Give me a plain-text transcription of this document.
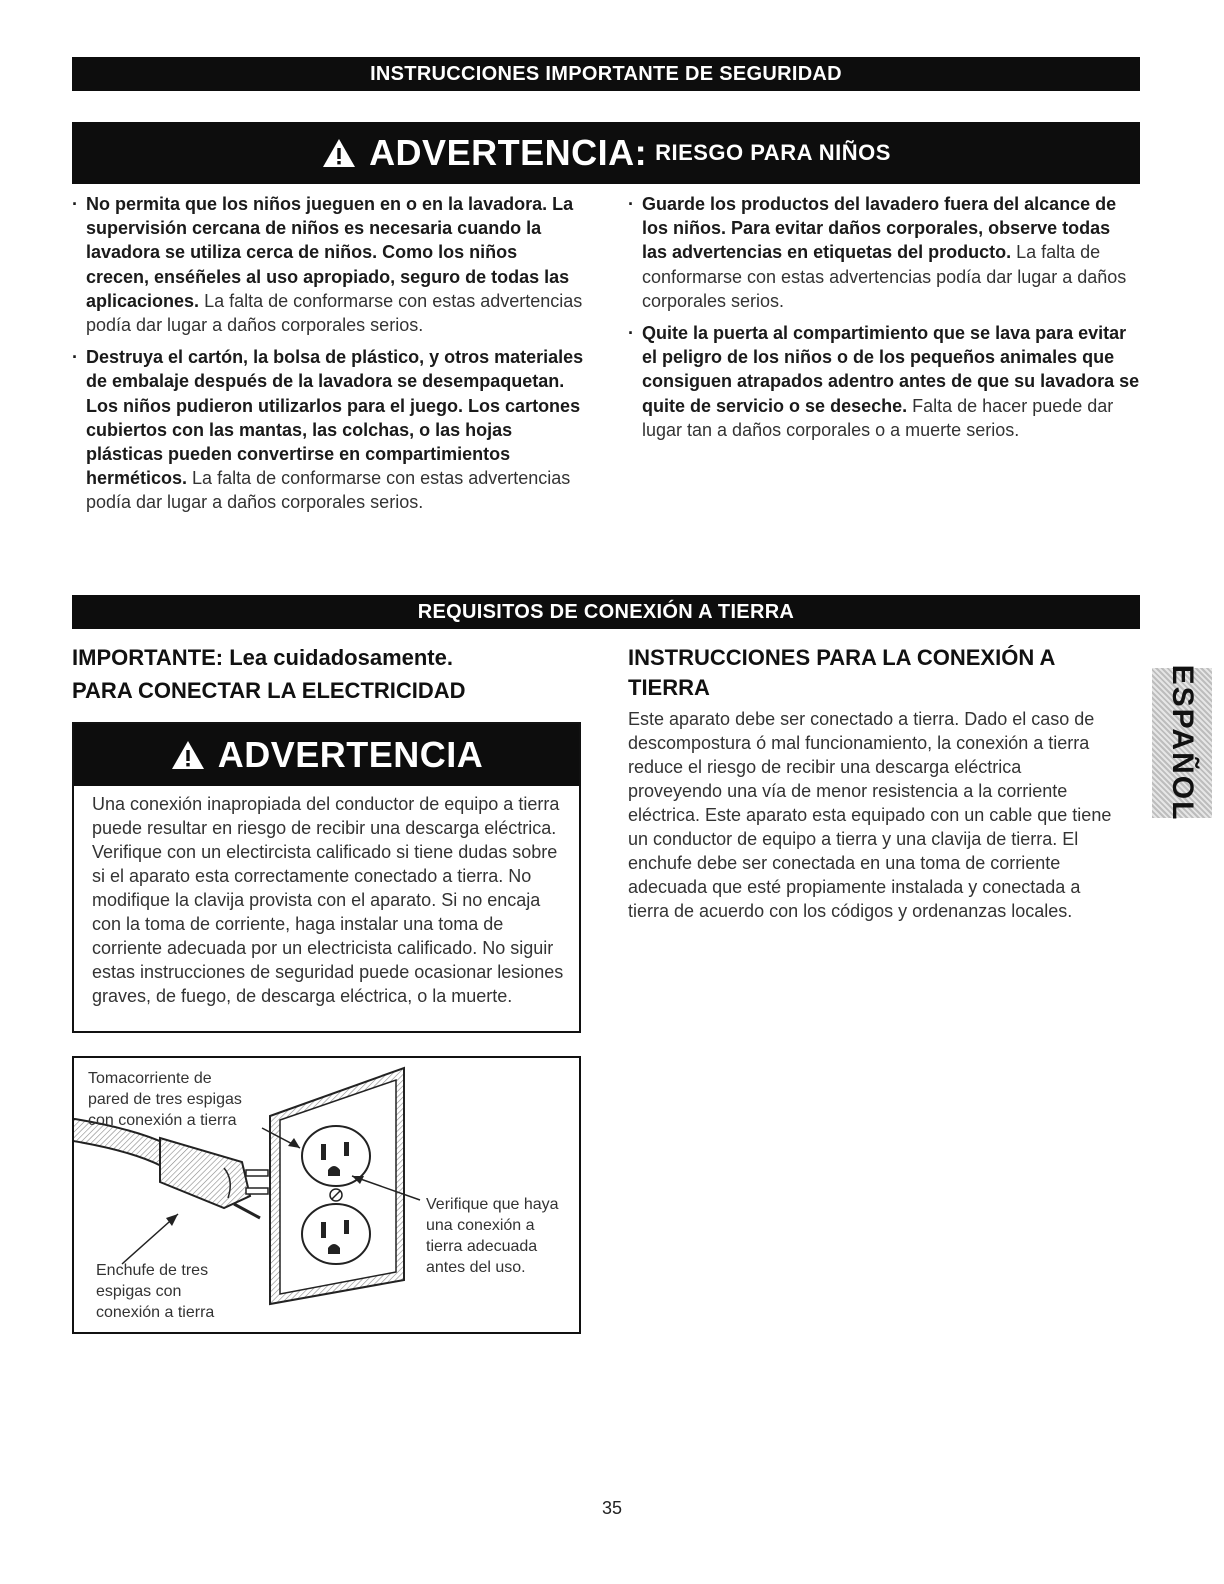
INSTRUCCIONES IMPORTANTE DE SEGURIDAD
ADVERTENCIA: RIESGO PARA NIÑOS
· No permita que los niños jueguen en o en la lavadora. La supervisión cercana de niños es necesaria cuando la lavadora se utiliza cerca de niños. Como los niños crecen, enséñeles al uso apropiado, seguro de todas las aplicaciones. La falta de conformarse con estas advertencias podía dar lugar a daños corporales serios.
· Destruya el cartón, la bolsa de plástico, y otros materiales de embalaje después de la lavadora se desempaquetan. Los niños pudieron utilizarlos para el juego. Los cartones cubiertos con las mantas, las colchas, o las hojas plásticas pueden convertirse en compartimientos herméticos. La falta de conformarse con estas advertencias podía dar lugar a daños corporales serios.
· Guarde los productos del lavadero fuera del alcance de los niños. Para evitar daños corporales, observe todas las advertencias en etiquetas del producto. La falta de conformarse con estas advertencias podía dar lugar a daños corporales serios.
· Quite la puerta al compartimiento que se lava para evitar el peligro de los niños o de los pequeños animales que consiguen atrapados adentro antes de que su lavadora se quite de servicio o se deseche. Falta de hacer puede dar lugar tan a daños corporales o a muerte serios.
REQUISITOS DE CONEXIÓN A TIERRA
IMPORTANTE: Lea cuidadosamente.
PARA CONECTAR LA ELECTRICIDAD
ADVERTENCIA
Una conexión inapropiada del conductor de equipo a tierra puede resultar en riesgo de recibir una descarga eléctrica. Verifique con un electircista calificado si tiene dudas sobre si el aparato esta correctamente conectado a tierra. No modifique la clavija provista con el aparato. Si no encaja con la toma de corriente, haga instalar una toma de corriente adecuada por un electricista calificado. No siguir estas instrucciones de seguridad puede ocasionar lesiones graves, de fuego, de descarga eléctrica, o la muerte.
Tomacorriente de
pared de tres espigas
con conexión a tierra
Enchufe de tres
espigas con
conexión a tierra
Verifique que haya
una conexión a
tierra adecuada
antes del uso.
INSTRUCCIONES PARA LA CONEXIÓN A TIERRA
Este aparato debe ser conectado a tierra. Dado el caso de descompostura ó mal funcionamiento, la conexión a tierra reduce el riesgo de recibir una descarga eléctrica proveyendo una vía de menor resistencia a la corriente eléctrica. Este aparato esta equipado con un cable que tiene un conductor de equipo a tierra y una clavija de tierra. El enchufe debe ser conectada en una toma de corriente adecuada que esté propiamente instalada y conectada a tierra de acuerdo con los códigos y ordenanzas locales.
ESPAÑOL
35
